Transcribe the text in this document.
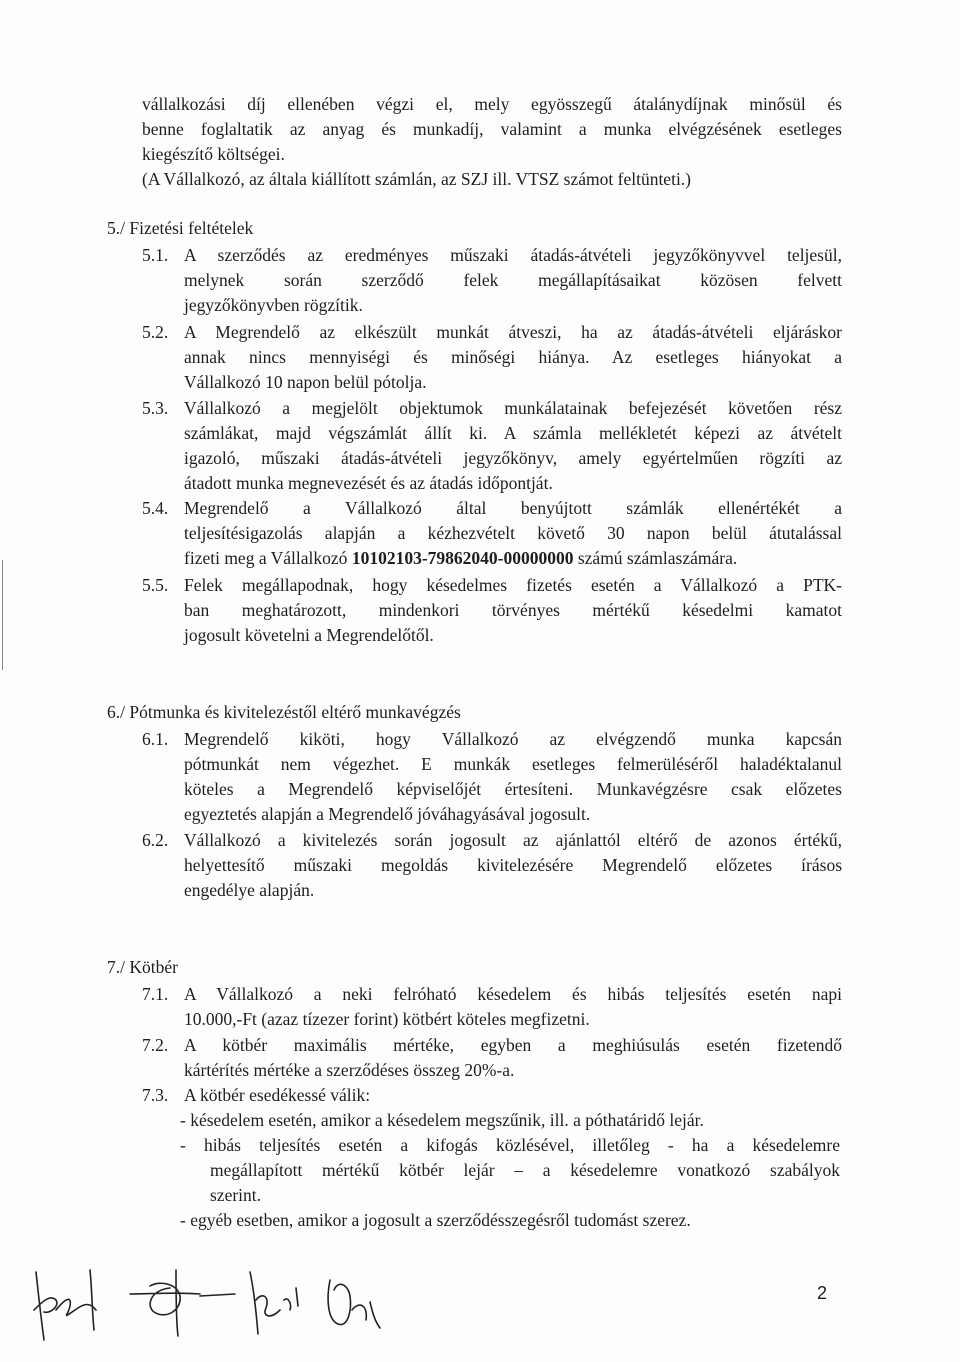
vállalkozási díj ellenében végzi el, mely egyösszegű átalánydíjnak minősül és
benne foglaltatik az anyag és munkadíj, valamint a munka elvégzésének esetleges
kiegészítő költségei.
(A Vállalkozó, az általa kiállított számlán, az SZJ ill. VTSZ számot feltünteti.)
5./ Fizetési feltételek
5.1. A szerződés az eredményes műszaki átadás-átvételi jegyzőkönyvvel teljesül,
melynek során szerződő felek megállapításaikat közösen felvett
jegyzőkönyvben rögzítik.
5.2. A Megrendelő az elkészült munkát átveszi, ha az átadás-átvételi eljáráskor
annak nincs mennyiségi és minőségi hiánya. Az esetleges hiányokat a
Vállalkozó 10 napon belül pótolja.
5.3. Vállalkozó a megjelölt objektumok munkálatainak befejezését követően rész
számlákat, majd végszámlát állít ki. A számla mellékletét képezi az átvételt
igazoló, műszaki átadás-átvételi jegyzőkönyv, amely egyértelműen rögzíti az
átadott munka megnevezését és az átadás időpontját.
5.4. Megrendelő a Vállalkozó által benyújtott számlák ellenértékét a
teljesítésigazolás alapján a kézhezvételt követő 30 napon belül átutalással
fizeti meg a Vállalkozó 10102103-79862040-00000000 számú számlaszámára.
5.5. Felek megállapodnak, hogy késedelmes fizetés esetén a Vállalkozó a PTK-
ban meghatározott, mindenkori törvényes mértékű késedelmi kamatot
jogosult követelni a Megrendelőtől.
6./ Pótmunka és kivitelezéstől eltérő munkavégzés
6.1. Megrendelő kiköti, hogy Vállalkozó az elvégzendő munka kapcsán
pótmunkát nem végezhet. E munkák esetleges felmerüléséről haladéktalanul
köteles a Megrendelő képviselőjét értesíteni. Munkavégzésre csak előzetes
egyeztetés alapján a Megrendelő jóváhagyásával jogosult.
6.2. Vállalkozó a kivitelezés során jogosult az ajánlattól eltérő de azonos értékű,
helyettesítő műszaki megoldás kivitelezésére Megrendelő előzetes írásos
engedélye alapján.
7./ Kötbér
7.1. A Vállalkozó a neki felróható késedelem és hibás teljesítés esetén napi
10.000,-Ft (azaz tízezer forint) kötbért köteles megfizetni.
7.2. A kötbér maximális mértéke, egyben a meghiúsulás esetén fizetendő
kártérítés mértéke a szerződéses összeg 20%-a.
7.3. A kötbér esedékessé válik:
- késedelem esetén, amikor a késedelem megszűnik, ill. a póthatáridő lejár.
- hibás teljesítés esetén a kifogás közlésével, illetőleg - ha a késedelemre
megállapított mértékű kötbér lejár – a késedelemre vonatkozó szabályok
szerint.
- egyéb esetben, amikor a jogosult a szerződésszegésről tudomást szerez.
2
